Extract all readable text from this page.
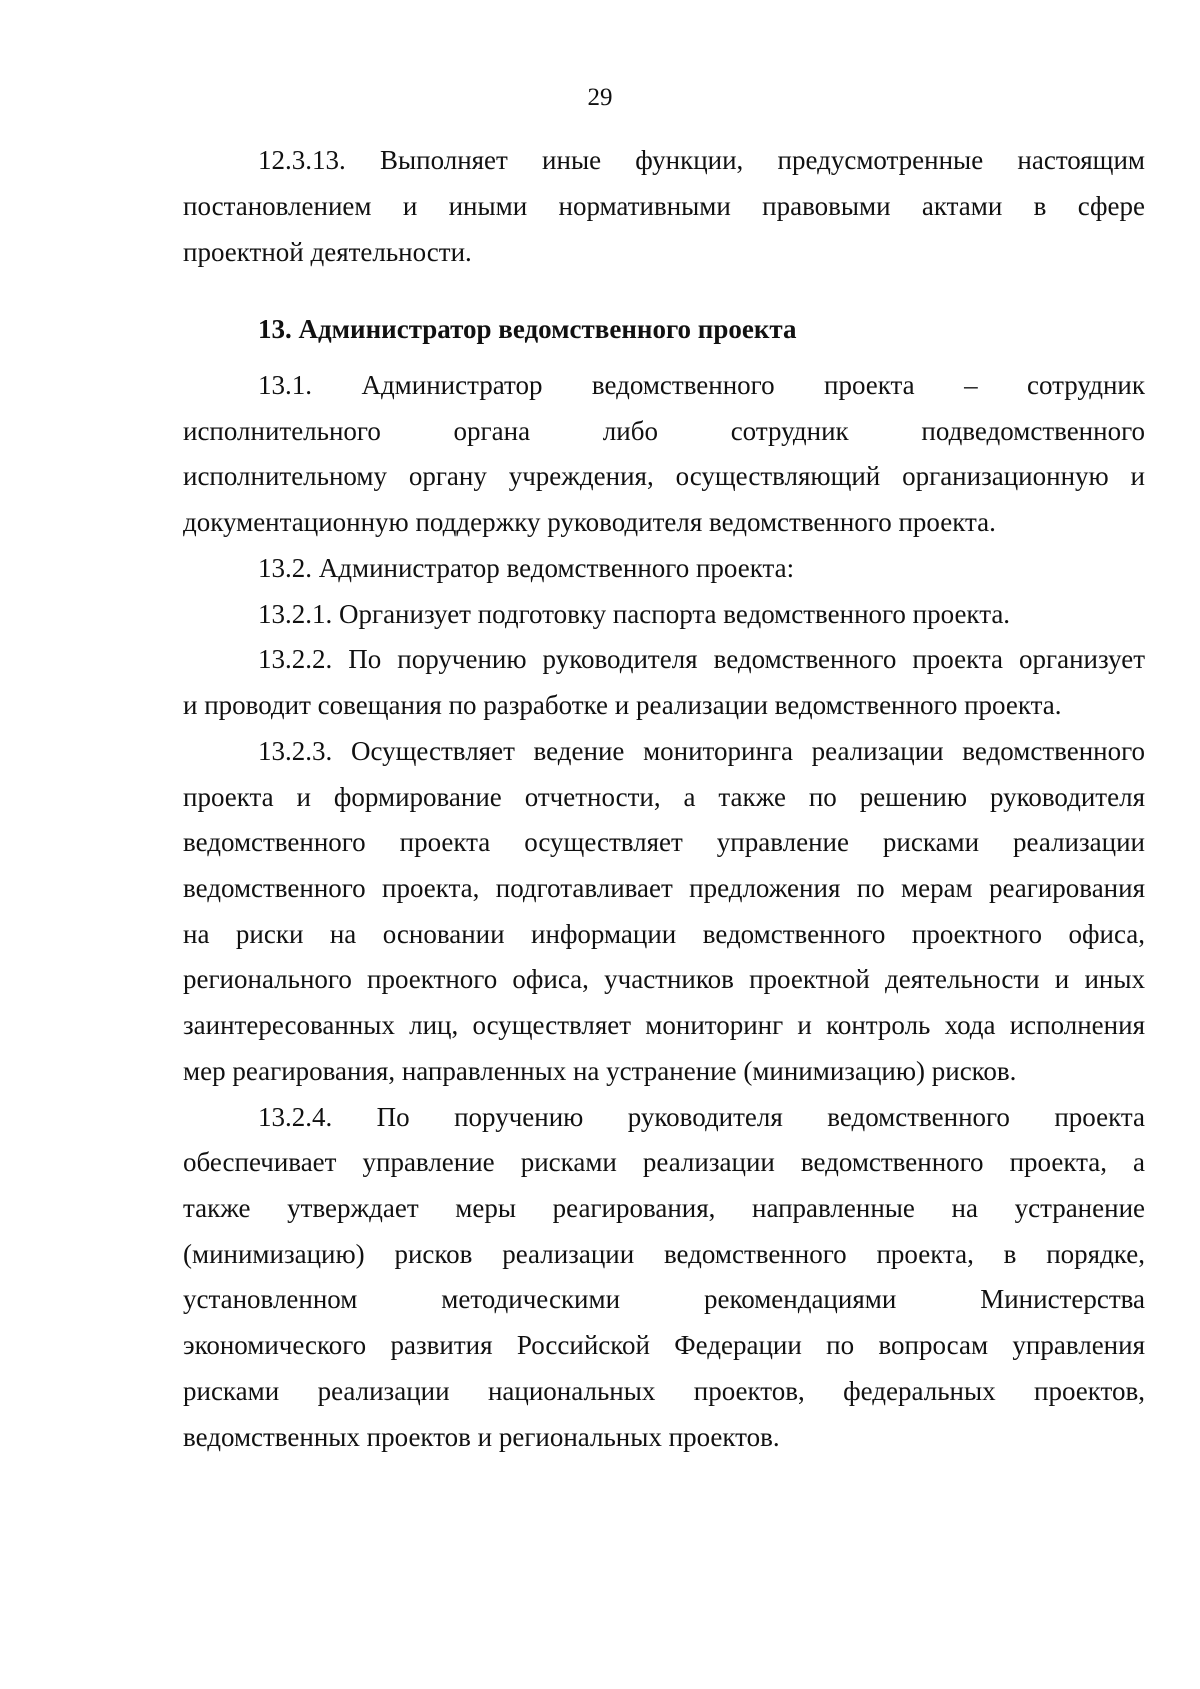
29
12.3.13. Выполняет иные функции, предусмотренные настоящим
постановлением и иными нормативными правовыми актами в сфере
проектной деятельности.
13. Администратор ведомственного проекта
13.1. Администратор ведомственного проекта – сотрудник
исполнительного органа либо сотрудник подведомственного
исполнительному органу учреждения, осуществляющий организационную и
документационную поддержку руководителя ведомственного проекта.
13.2. Администратор ведомственного проекта:
13.2.1. Организует подготовку паспорта ведомственного проекта.
13.2.2. По поручению руководителя ведомственного проекта организует
и проводит совещания по разработке и реализации ведомственного проекта.
13.2.3. Осуществляет ведение мониторинга реализации ведомственного
проекта и формирование отчетности, а также по решению руководителя
ведомственного проекта осуществляет управление рисками реализации
ведомственного проекта, подготавливает предложения по мерам реагирования
на риски на основании информации ведомственного проектного офиса,
регионального проектного офиса, участников проектной деятельности и иных
заинтересованных лиц, осуществляет мониторинг и контроль хода исполнения
мер реагирования, направленных на устранение (минимизацию) рисков.
13.2.4. По поручению руководителя ведомственного проекта
обеспечивает управление рисками реализации ведомственного проекта, а
также утверждает меры реагирования, направленные на устранение
(минимизацию) рисков реализации ведомственного проекта, в порядке,
установленном методическими рекомендациями Министерства
экономического развития Российской Федерации по вопросам управления
рисками реализации национальных проектов, федеральных проектов,
ведомственных проектов и региональных проектов.
